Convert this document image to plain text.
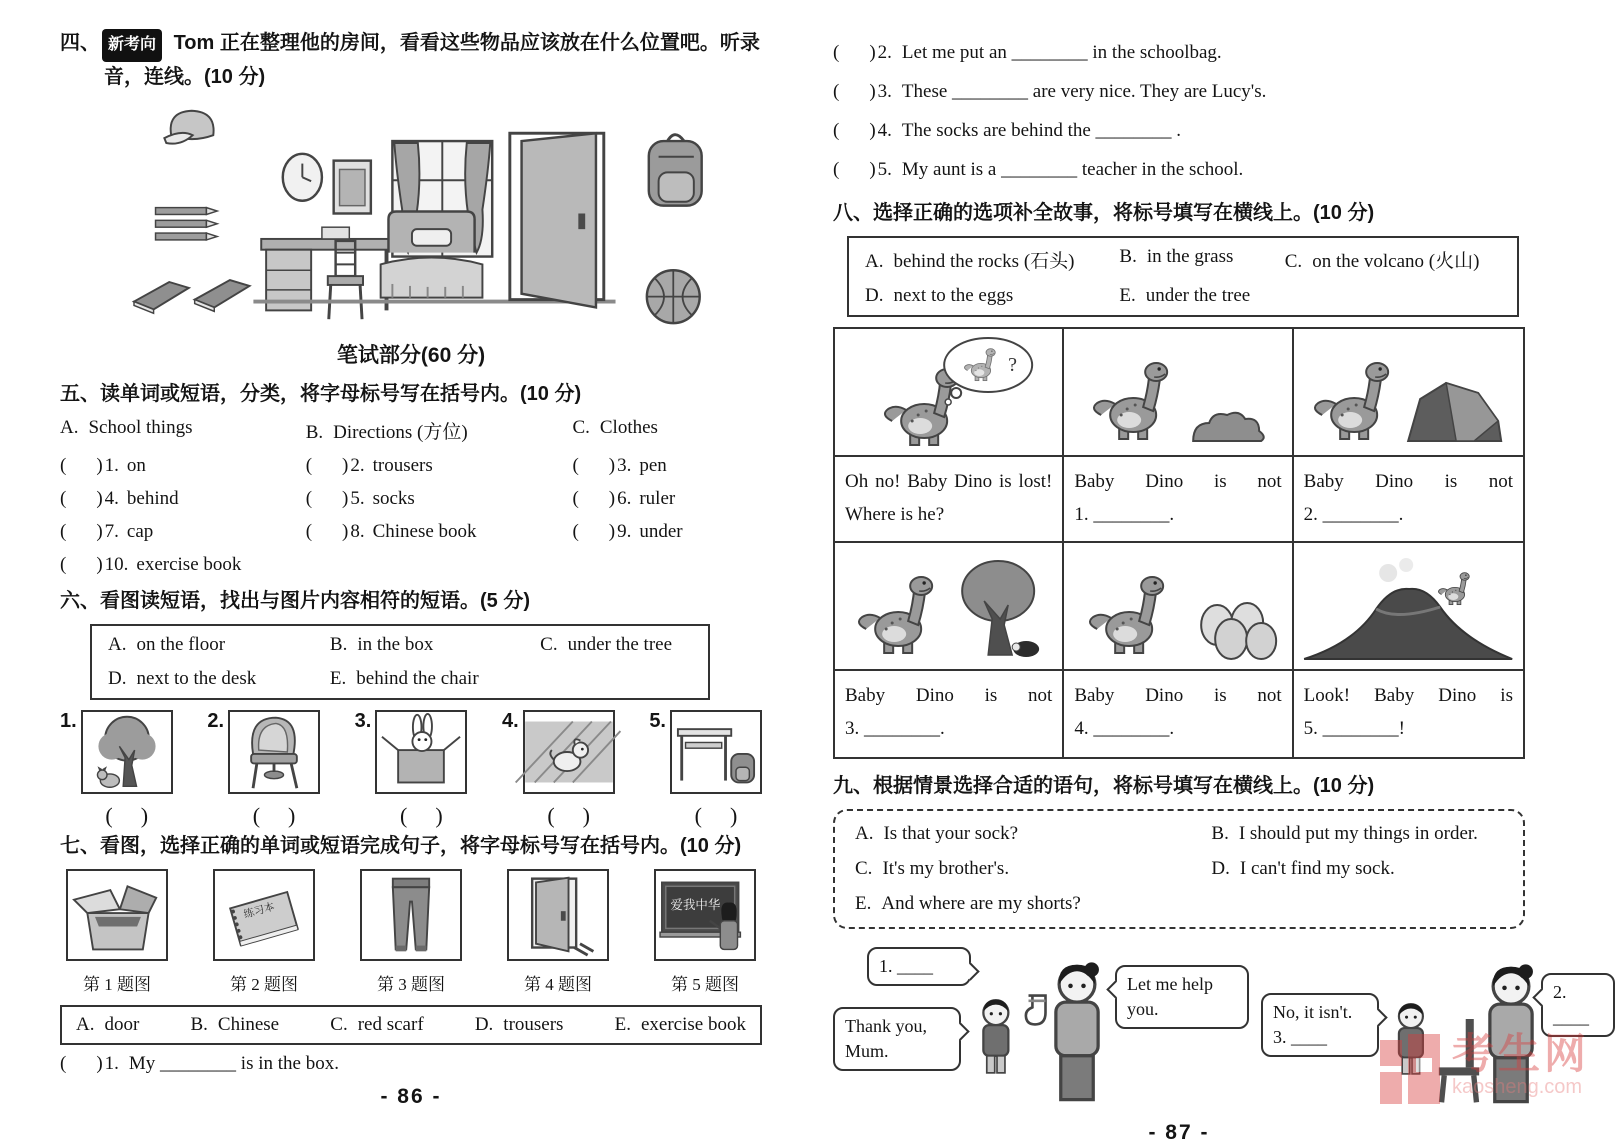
四、 新考向 Tom 正在整理他的房间，看看这些物品应该放在什么位置吧。听录音，连线。(10 分)
笔试部分(60 分)
五、读单词或短语，分类，将字母标号写在括号内。(10 分)
A. School things	B. Directions (方位)	C. Clothes
( ) 1. on	( ) 2. trousers	( ) 3. pen
( ) 4. behind	( ) 5. socks	( ) 6. ruler
( ) 7. cap	( ) 8. Chinese book	( ) 9. under
( ) 10. exercise book
六、看图读短语，找出与图片内容相符的短语。(5 分)
A. on the floor	B. in the box	C. under the tree
D. next to the desk	E. behind the chair
1.
( )
2.
( )
3.
( )
4.
( )
5.
( )
七、看图，选择正确的单词或短语完成句子，将字母标号写在括号内。(10 分)
第 1 题图
练习本
第 2 题图	第 3 题图	第 4 题图
爱我中华
第 5 题图
A. door	B. Chinese	C. red scarf	D. trousers	E. exercise book
( ) 1. My ________ is in the box.
- 86 -
( ) 2. Let me put an ________ in the schoolbag.
( ) 3. These ________ are very nice. They are Lucy's.
( ) 4. The socks are behind the ________ .
( ) 5. My aunt is a ________ teacher in the school.
八、选择正确的选项补全故事，将标号填写在横线上。(10 分)
A. behind the rocks (石头)	B. in the grass	C. on the volcano (火山)
D. next to the eggs	E. under the tree
?
Oh no! Baby Dino is lost!
Where is he?
Baby Dino is not
1. ________.
Baby Dino is not
2. ________.
Baby Dino is not
3. ________.
Baby Dino is not
4. ________.
Look! Baby Dino is
5. ________!
九、根据情景选择合适的语句，将标号填写在横线上。(10 分)
A. Is that your sock?	B. I should put my things in order.
C. It's my brother's.	D. I can't find my sock.
E. And where are my shorts?
1. ____
Thank you,
Mum.
Let me help
you.	No, it isn't.
3. ____
2. ____
- 87 -
考生网
kaosheng.com
